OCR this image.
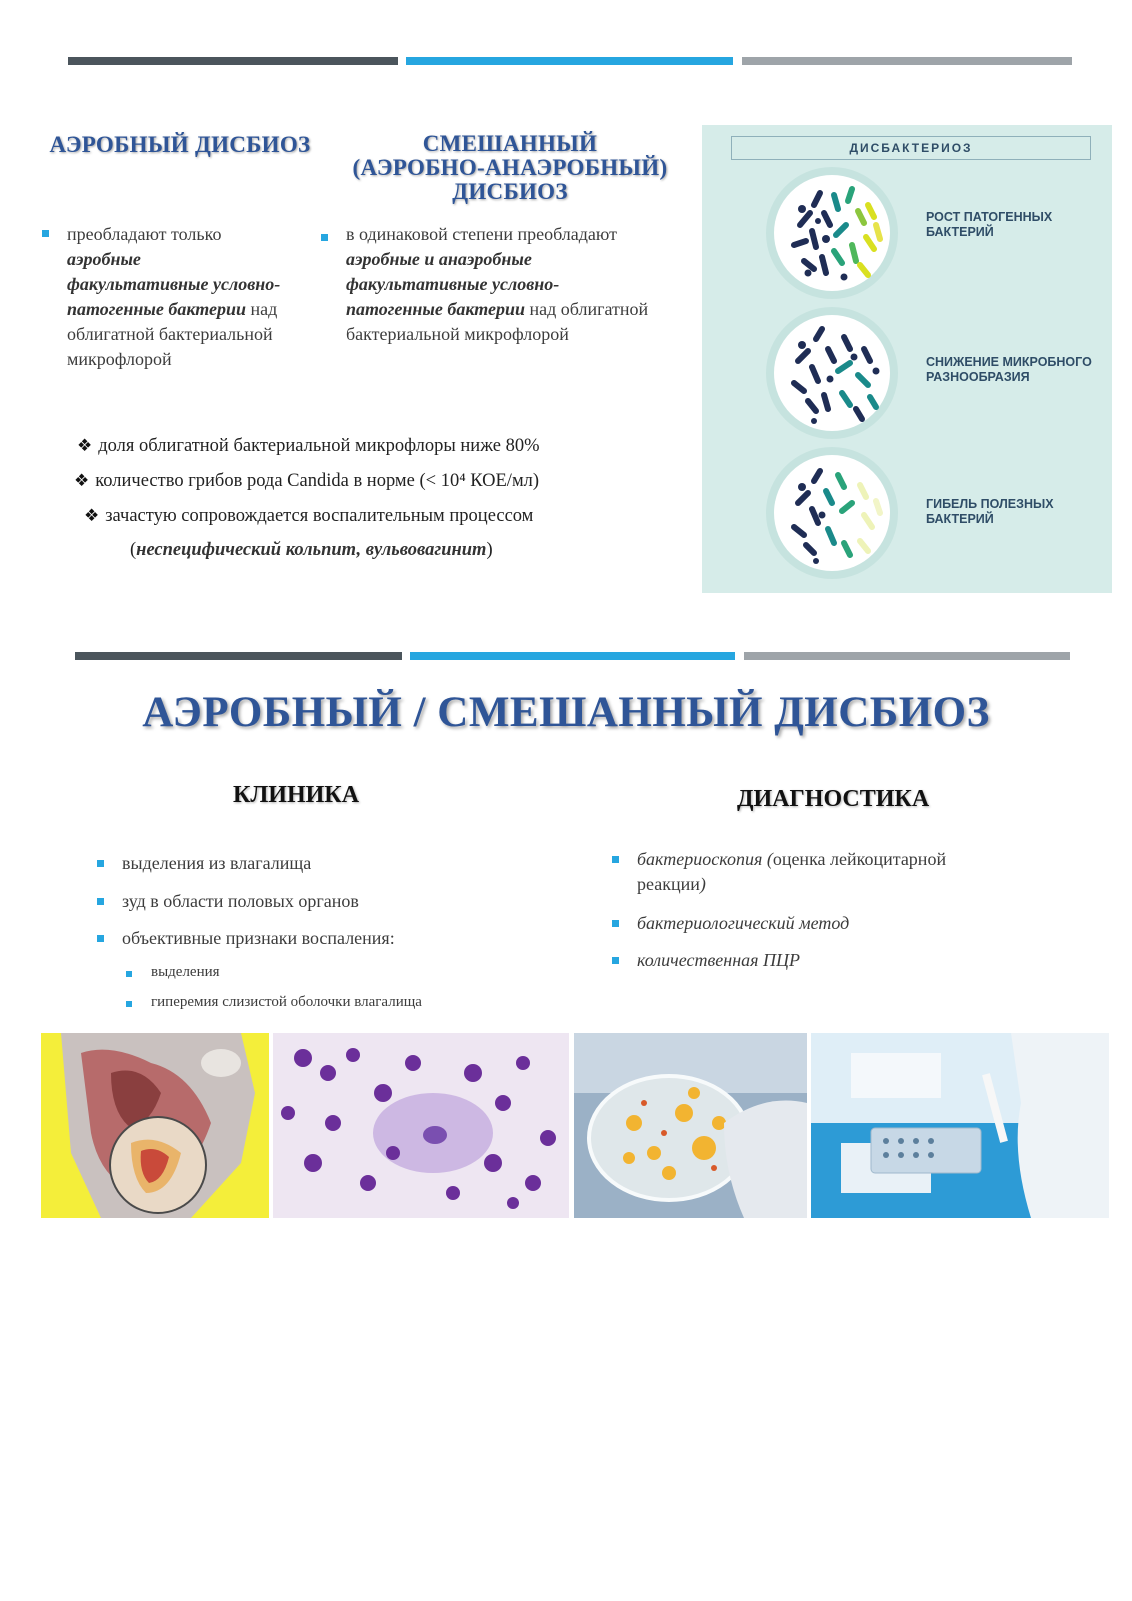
АЭРОБНЫЙ ДИСБИОЗ
преобладают только
аэробные
факультативные условно-
патогенные бактерии над
облигатной бактериальной
микрофлорой
СМЕШАННЫЙ
(АЭРОБНО-АНАЭРОБНЫЙ)
ДИСБИОЗ
в одинаковой степени преобладают
аэробные и анаэробные
факультативные условно-
патогенные бактерии над облигатной
бактериальной микрофлорой
❖ доля облигатной бактериальной микрофлоры ниже 80%
❖ количество грибов рода Candida в норме (< 10⁴ КОЕ/мл)
❖ зачастую сопровождается воспалительным процессом
(неспецифический кольпит, вульвовагинит)
ДИСБАКТЕРИОЗ
РОСТ ПАТОГЕННЫХ
БАКТЕРИЙ
СНИЖЕНИЕ МИКРОБНОГО
РАЗНООБРАЗИЯ
ГИБЕЛЬ ПОЛЕЗНЫХ
БАКТЕРИЙ
АЭРОБНЫЙ / СМЕШАННЫЙ ДИСБИОЗ
КЛИНИКА	ДИАГНОСТИКА
выделения из влагалища
зуд в области половых органов
объективные признаки воспаления:
выделения
гиперемия слизистой оболочки влагалища
бактериоскопия (оценка лейкоцитарной
реакции)
бактериологический метод
количественная ПЦР
